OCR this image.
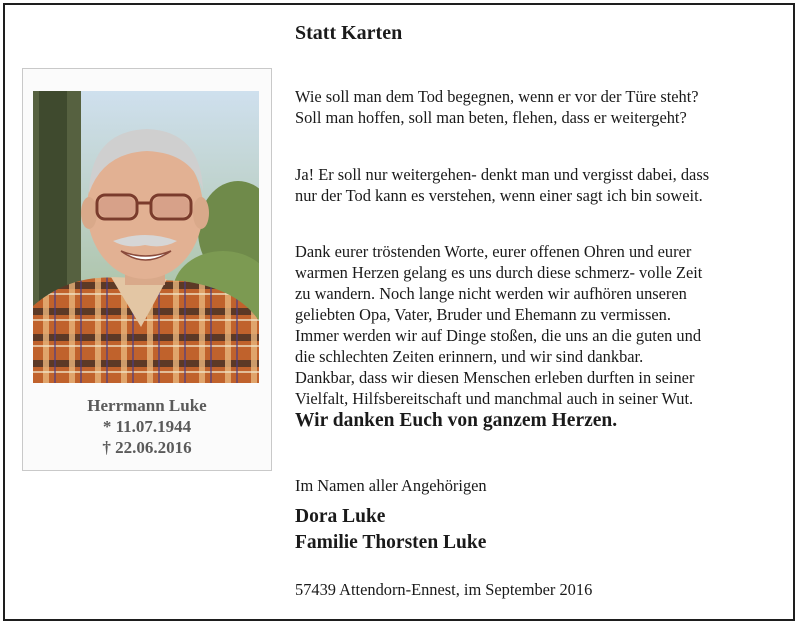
Herrmann Luke
* 11.07.1944
† 22.06.2016
Statt Karten
Wie soll man dem Tod begegnen, wenn er vor der Türe steht?
Soll man hoffen, soll man beten, flehen, dass er weitergeht?
Ja! Er soll nur weitergehen- denkt man und vergisst dabei, dass
nur der Tod kann es verstehen, wenn einer sagt ich bin soweit.
Dank eurer tröstenden Worte, eurer offenen Ohren und eurer
warmen Herzen gelang es uns durch diese schmerz- volle Zeit
zu wandern. Noch lange nicht werden wir aufhören unseren
geliebten Opa, Vater, Bruder und Ehemann zu vermissen.
Immer werden wir auf Dinge stoßen, die uns an die guten und
die schlechten Zeiten erinnern, und wir sind dankbar.
Dankbar, dass wir diesen Menschen erleben durften in seiner
Vielfalt, Hilfsbereitschaft und manchmal auch in seiner Wut.
Wir danken Euch von ganzem Herzen.
Im Namen aller Angehörigen
Dora Luke
Familie Thorsten Luke
57439 Attendorn-Ennest, im September 2016
